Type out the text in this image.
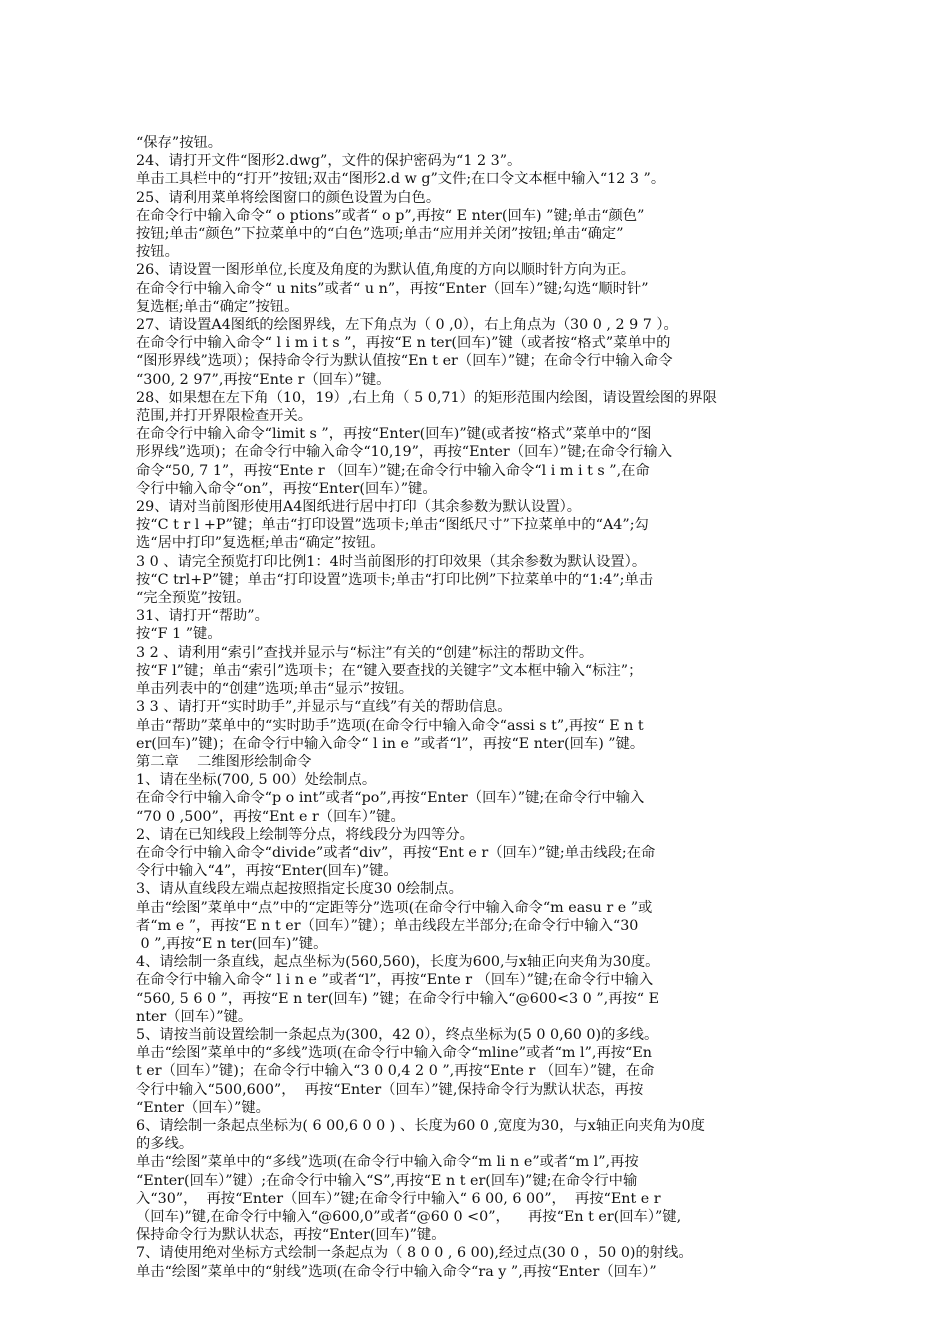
“保存”按钮。
24、请打开文件“图形2.dwg”，文件的保护密码为“1 2 3”。
单击工具栏中的“打开”按钮;双击“图形2.d w g”文件;在口令文本框中输入“12 3 ”。
25、请利用菜单将绘图窗口的颜色设置为白色。
在命令行中输入命令“ o ptions”或者“ o p”,再按“ E nter(回车) ”键;单击“颜色”
按钮;单击“颜色”下拉菜单中的“白色”选项;单击“应用并关闭”按钮;单击“确定”
按钮。
26、请设置一图形单位,长度及角度的为默认值,角度的方向以顺时针方向为正。
在命令行中输入命令“ u nits”或者“ u n”，再按“Enter（回车）”键;勾选“顺时针”
复选框;单击“确定”按钮。
27、请设置A4图纸的绘图界线，左下角点为（ 0 ,0），右上角点为（30 0 , 2 9 7 ）。
在命令行中输入命令“ l i m i t s ”，再按“E n ter(回车)”键（或者按“格式”菜单中的
“图形界线”选项）；保持命令行为默认值按“En t er（回车）”键；在命令行中输入命令
“300, 2 97”,再按“Ente r（回车）”键。
28、如果想在左下角（10，19）,右上角（ 5 0,71）的矩形范围内绘图，请设置绘图的界限
范围,并打开界限检查开关。
在命令行中输入命令“limit s ”，再按“Enter(回车)”键(或者按“格式”菜单中的“图
形界线”选项)；在命令行中输入命令“10,19”，再按“Enter（回车）”键;在命令行输入
命令“50, 7 1”，再按“Ente r （回车）”键;在命令行中输入命令“l i m i t s ”,在命
令行中输入命令“on”，再按“Enter(回车）”键。
29、请对当前图形使用A4图纸进行居中打印（其余参数为默认设置）。
按“C t r l +P”键；单击“打印设置”选项卡;单击“图纸尺寸”下拉菜单中的“A4”;勾
选“居中打印”复选框;单击“确定”按钮。
3 0 、请完全预览打印比例1：4时当前图形的打印效果（其余参数为默认设置）。
按“C trl+P”键；单击“打印设置”选项卡;单击“打印比例”下拉菜单中的“1:4”;单击
“完全预览”按钮。
31、请打开“帮助”。
按“F 1 ”键。
3 2 、请利用“索引”查找并显示与“标注”有关的“创建”标注的帮助文件。
按“F l”键；单击“索引”选项卡；在“键入要查找的关键字”文本框中输入“标注”；
单击列表中的“创建”选项;单击“显示”按钮。
3 3 、请打开“实时助手”,并显示与“直线”有关的帮助信息。
单击“帮助”菜单中的“实时助手”选项(在命令行中输入命令“assi s t”,再按“ E n t
er(回车)”键)；在命令行中输入命令“ l in e ”或者“l”，再按“E nter(回车) ”键。
第二章    二维图形绘制命令
1、请在坐标(700, 5 00）处绘制点。
在命令行中输入命令“p o int”或者“po”,再按“Enter（回车）”键;在命令行中输入
“70 0 ,500”，再按“Ent e r（回车）”键。
2、请在已知线段上绘制等分点，将线段分为四等分。
在命令行中输入命令“divide”或者“div”，再按“Ent e r（回车）”键;单击线段;在命
令行中输入“4”，再按“Enter(回车)”键。
3、请从直线段左端点起按照指定长度30 0绘制点。
单击“绘图”菜单中“点”中的“定距等分”选项(在命令行中输入命令“m easu r e ”或
者“m e ”，再按“E n t er（回车）”键）；单击线段左半部分;在命令行中输入“30
0 ”,再按“E n ter(回车)”键。
4、请绘制一条直线，起点坐标为(560,560)，长度为600,与x轴正向夹角为30度。
在命令行中输入命令“ l i n e ”或者“l”，再按“Ente r （回车）”键;在命令行中输入
“560, 5 6 0 ”，再按“E n ter(回车) ”键；在命令行中输入“@600<3 0 ”,再按“ E
nter（回车）”键。
5、请按当前设置绘制一条起点为(300，42 0），终点坐标为(5 0 0,60 0)的多线。
单击“绘图”菜单中的“多线”选项(在命令行中输入命令“mline”或者“m l”,再按“En
t er（回车）”键)；在命令行中输入“3 0 0,4 2 0 ”,再按“Ente r （回车）”键，在命
令行中输入“500,600”，  再按“Enter（回车）”键,保持命令行为默认状态，再按
“Enter（回车）”键。
6、请绘制一条起点坐标为( 6 00,6 0 0 ) 、长度为60 0 ,宽度为30，与x轴正向夹角为0度
的多线。
单击“绘图”菜单中的“多线”选项(在命令行中输入命令“m li n e”或者“m l”,再按
“Enter(回车）”键）;在命令行中输入“S”,再按“E n t er(回车)”键;在命令行中输
入“30”，  再按“Enter（回车）”键;在命令行中输入“ 6 00, 6 00”，  再按“Ent e r
（回车)”键,在命令行中输入“@600,0”或者“@60 0 <0”，    再按“En t er(回车）”键,
保持命令行为默认状态，再按“Enter(回车)”键。
7、请使用绝对坐标方式绘制一条起点为（ 8 0 0 , 6 00),经过点(30 0 ，50 0)的射线。
单击“绘图”菜单中的“射线”选项(在命令行中输入命令“ra y ”,再按“Enter（回车）”
